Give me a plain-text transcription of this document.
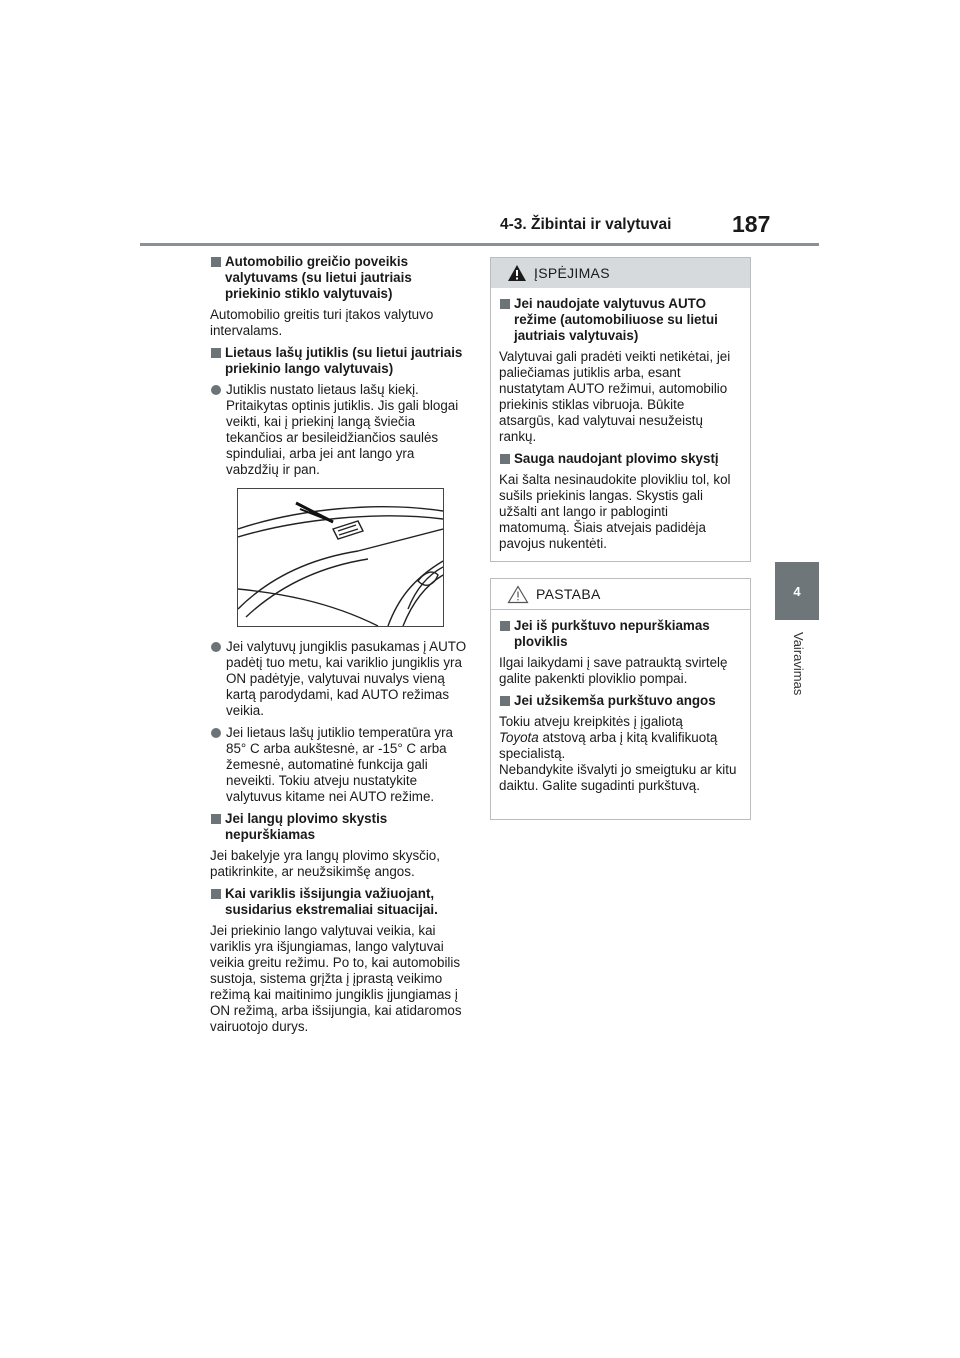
4-3. Žibintai ir valytuvai	187
4
Vairavimas
Automobilio greičio poveikis valytuvams (su lietui jautriais priekinio stiklo valytuvais)
Automobilio greitis turi įtakos valytuvo intervalams.
Lietaus lašų jutiklis (su lietui jautriais priekinio lango valytuvais)
Jutiklis nustato lietaus lašų kiekį. Pritaikytas optinis jutiklis. Jis gali blogai veikti, kai į priekinį langą šviečia tekančios ar besileidžiančios saulės spinduliai, arba jei ant lango yra vabzdžių ir pan.
Jei valytuvų jungiklis pasukamas į AUTO padėtį tuo metu, kai variklio jungiklis yra ON padėtyje, valytuvai nuvalys vieną kartą parodydami, kad AUTO režimas veikia.
Jei lietaus lašų jutiklio temperatūra yra 85° C arba aukštesnė, ar -15° C arba žemesnė, automatinė funkcija gali neveikti. Tokiu atveju nustatykite valytuvus kitame nei AUTO režime.
Jei langų plovimo skystis nepurškiamas
Jei bakelyje yra langų plovimo skysčio, patikrinkite, ar neužsikimšę angos.
Kai variklis išsijungia važiuojant, susidarius ekstremaliai situacijai.
Jei priekinio lango valytuvai veikia, kai variklis yra išjungiamas, lango valytuvai veikia greitu režimu. Po to, kai automobilis sustoja, sistema grįžta į įprastą veikimo režimą kai maitinimo jungiklis įjungiamas į ON režimą, arba išsijungia, kai atidaromos vairuotojo durys.
ĮSPĖJIMAS
Jei naudojate valytuvus AUTO režime (automobiliuose su lietui jautriais valytuvais)
Valytuvai gali pradėti veikti netikėtai, jei paliečiamas jutiklis arba, esant nustatytam AUTO režimui, automobilio priekinis stiklas vibruoja. Būkite atsargūs, kad valytuvai nesužeistų rankų.
Sauga naudojant plovimo skystį
Kai šalta nesinaudokite plovikliu tol, kol sušils priekinis langas. Skystis gali užšalti ant lango ir pabloginti matomumą. Šiais atvejais padidėja pavojus nukentėti.
PASTABA
Jei iš purkštuvo nepurškiamas ploviklis
Ilgai laikydami į save patrauktą svirtelę galite pakenkti plovikliо pompai.
Jei užsikemša purkštuvo angos
Tokiu atveju kreipkitės į įgaliotą
Toyota atstovą arba į kitą kvalifikuotą specialistą.
Nebandykite išvalyti jo smeigtuku ar kitu daiktu. Galite sugadinti purkštuvą.
